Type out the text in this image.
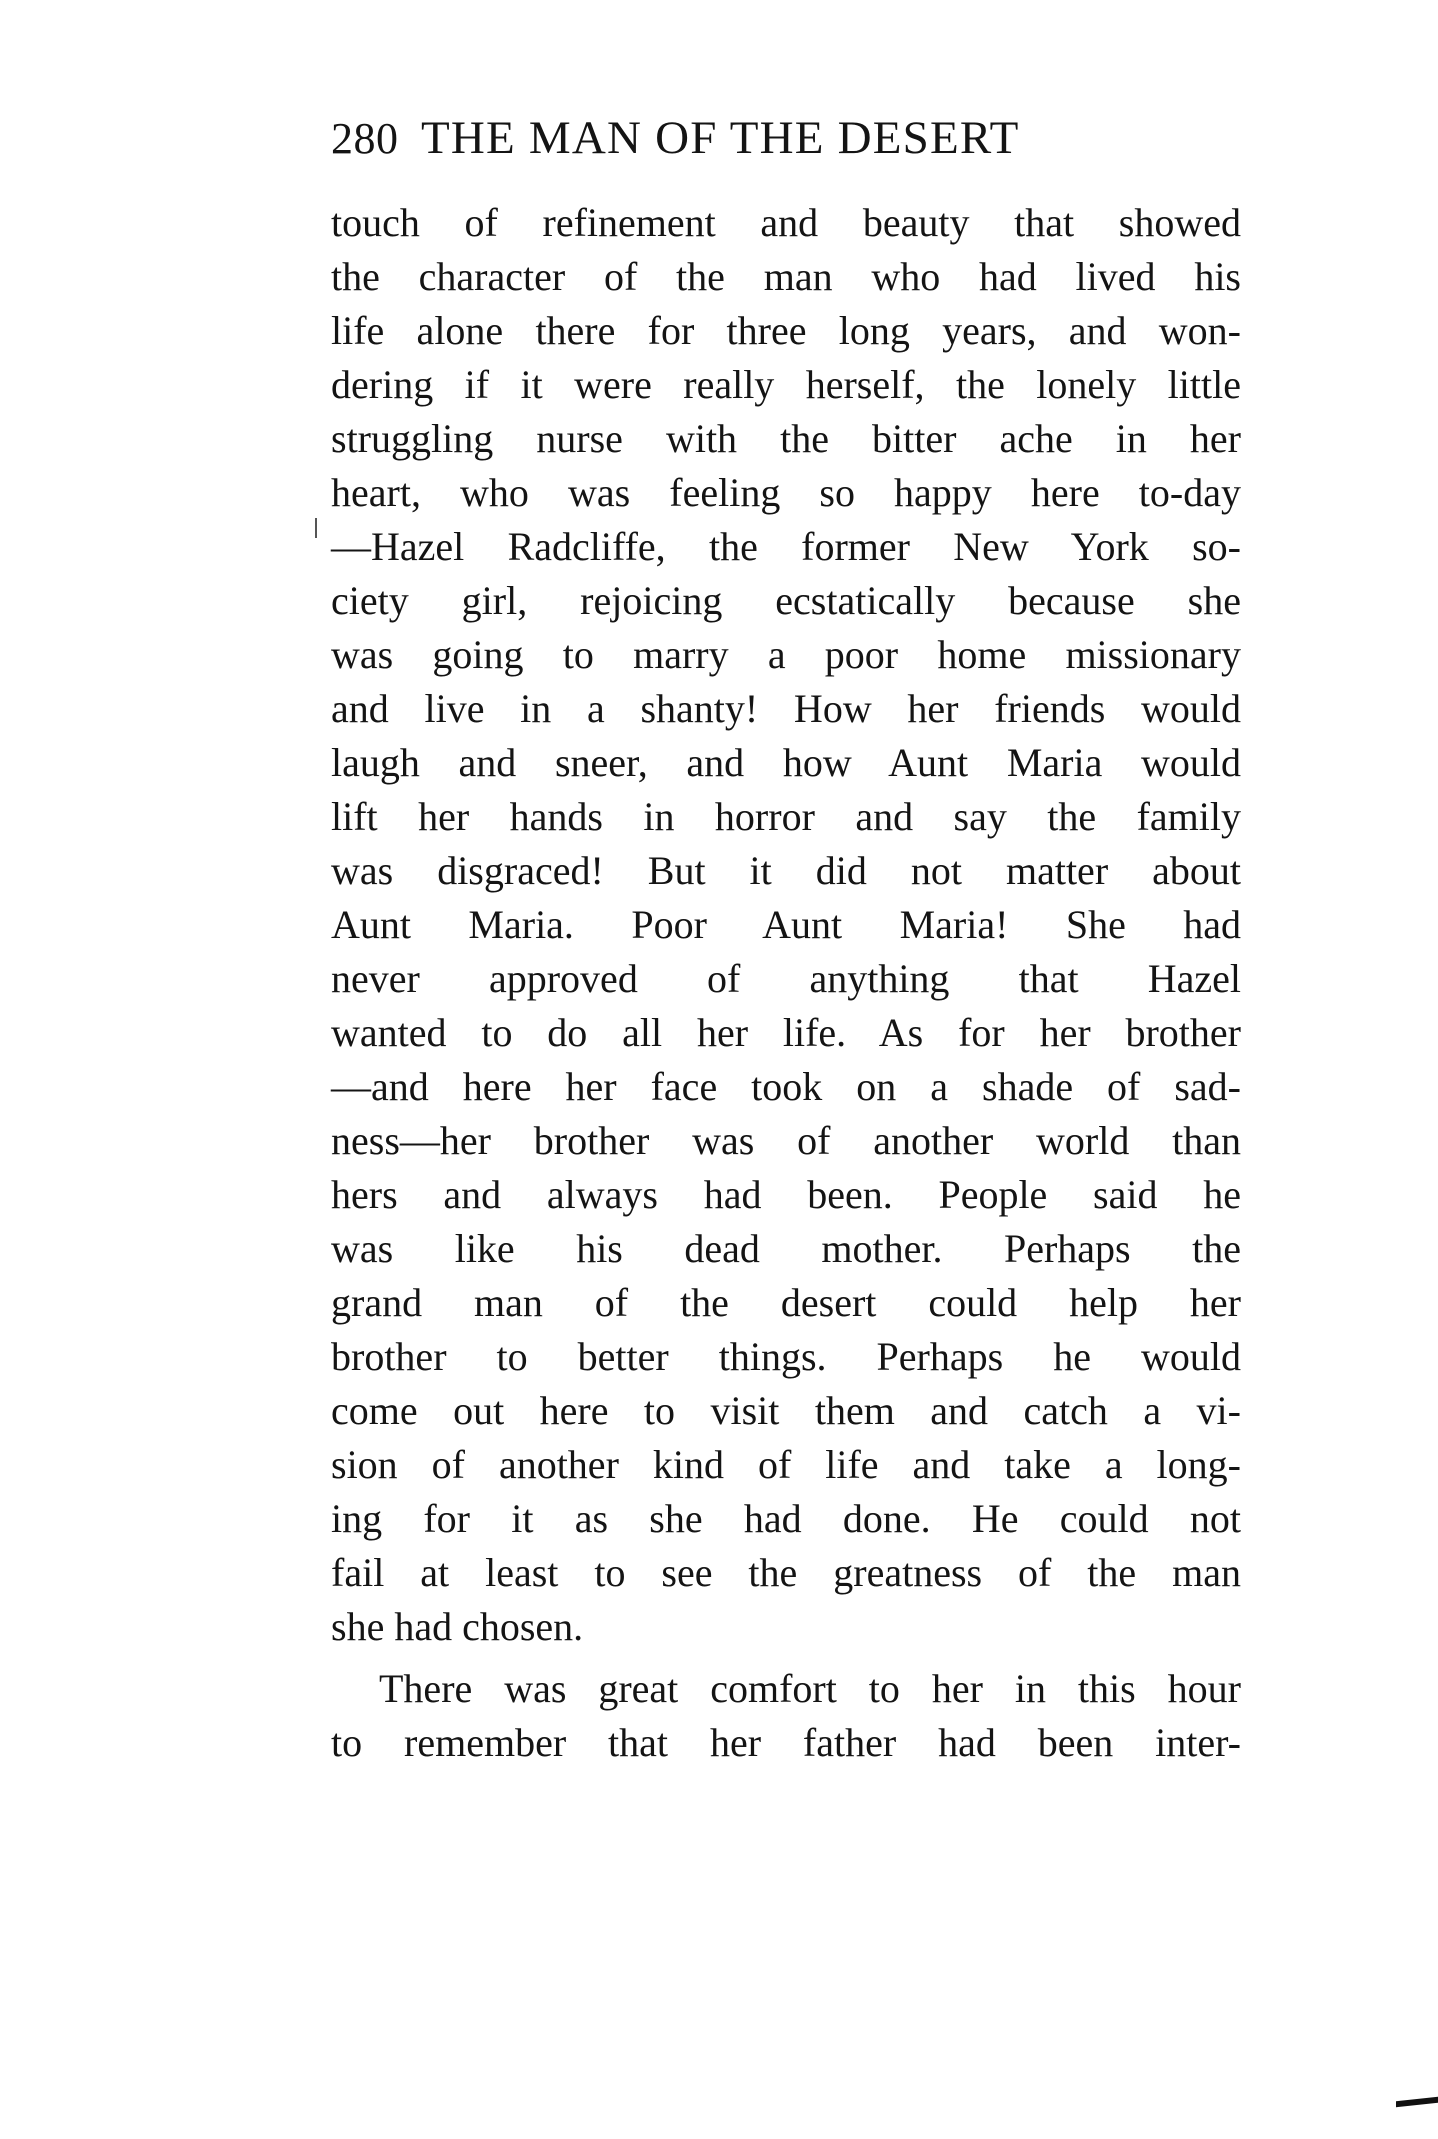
280 THE MAN OF THE DESERT
touch of refinement and beauty that showed
the character of the man who had lived his
life alone there for three long years, and won-
dering if it were really herself, the lonely little
struggling nurse with the bitter ache in her
heart, who was feeling so happy here to-day
—Hazel Radcliffe, the former New York so-
ciety girl, rejoicing ecstatically because she
was going to marry a poor home missionary
and live in a shanty! How her friends would
laugh and sneer, and how Aunt Maria would
lift her hands in horror and say the family
was disgraced! But it did not matter about
Aunt Maria. Poor Aunt Maria! She had
never approved of anything that Hazel
wanted to do all her life. As for her brother
—and here her face took on a shade of sad-
ness—her brother was of another world than
hers and always had been. People said he
was like his dead mother. Perhaps the
grand man of the desert could help her
brother to better things. Perhaps he would
come out here to visit them and catch a vi-
sion of another kind of life and take a long-
ing for it as she had done. He could not
fail at least to see the greatness of the man
she had chosen.
There was great comfort to her in this hour
to remember that her father had been inter-
